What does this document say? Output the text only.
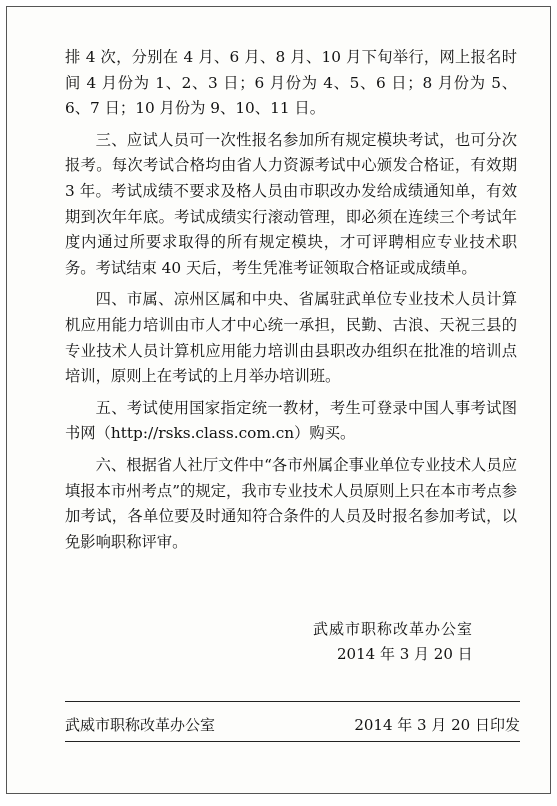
排 4 次，分别在 4 月、6 月、8 月、10 月下旬举行，网上报名时间 4 月份为 1、2、3 日；6 月份为 4、5、6 日；8 月份为 5、6、7 日；10 月份为 9、10、11 日。

三、应试人员可一次性报名参加所有规定模块考试，也可分次报考。每次考试合格均由省人力资源考试中心颁发合格证，有效期 3 年。考试成绩不要求及格人员由市职改办发给成绩通知单，有效期到次年年底。考试成绩实行滚动管理，即必须在连续三个考试年度内通过所要求取得的所有规定模块，才可评聘相应专业技术职务。考试结束 40 天后，考生凭准考证领取合格证或成绩单。

四、市属、凉州区属和中央、省属驻武单位专业技术人员计算机应用能力培训由市人才中心统一承担，民勤、古浪、天祝三县的专业技术人员计算机应用能力培训由县职改办组织在批准的培训点培训，原则上在考试的上月举办培训班。

五、考试使用国家指定统一教材，考生可登录中国人事考试图书网（http://rsks.class.com.cn）购买。

六、根据省人社厅文件中“各市州属企事业单位专业技术人员应填报本市州考点”的规定，我市专业技术人员原则上只在本市考点参加考试，各单位要及时通知符合条件的人员及时报名参加考试，以免影响职称评审。

武威市职称改革办公室
2014 年 3 月 20 日
武威市职称改革办公室	2014 年 3 月 20 日印发
